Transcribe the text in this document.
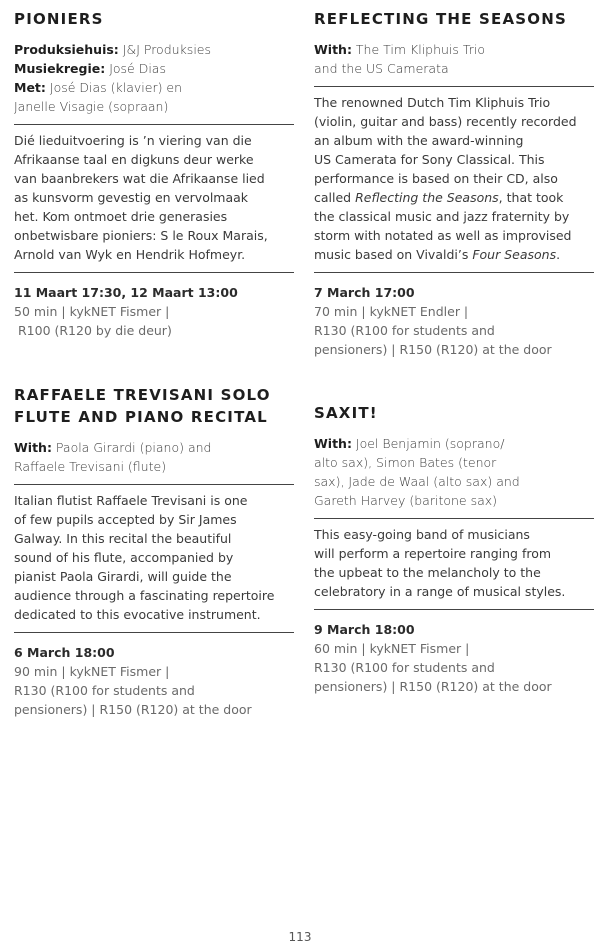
PIONIERS
Produksiehuis: J&J Produksies
Musiekregie: José Dias
Met: José Dias (klavier) en
Janelle Visagie (sopraan)
Dié lieduitvoering is ’n viering van die
Afrikaanse taal en digkuns deur werke
van baanbrekers wat die Afrikaanse lied
as kunsvorm gevestig en vervolmaak
het. Kom ontmoet drie generasies
onbetwisbare pioniers: S le Roux Marais,
Arnold van Wyk en Hendrik Hofmeyr.
11 Maart 17:30, 12 Maart 13:00
50 min | kykNET Fismer |
R100 (R120 by die deur)
RAFFAELE TREVISANI SOLO
FLUTE AND PIANO RECITAL
With: Paola Girardi (piano) and
Raffaele Trevisani (flute)
Italian flutist Raffaele Trevisani is one
of few pupils accepted by Sir James
Galway. In this recital the beautiful
sound of his flute, accompanied by
pianist Paola Girardi, will guide the
audience through a fascinating repertoire
dedicated to this evocative instrument.
6 March 18:00
90 min | kykNET Fismer |
R130 (R100 for students and
pensioners) | R150 (R120) at the door
REFLECTING THE SEASONS
With: The Tim Kliphuis Trio
and the US Camerata
The renowned Dutch Tim Kliphuis Trio
(violin, guitar and bass) recently recorded
an album with the award-winning
US Camerata for Sony Classical. This
performance is based on their CD, also
called Reflecting the Seasons, that took
the classical music and jazz fraternity by
storm with notated as well as improvised
music based on Vivaldi’s Four Seasons.
7 March 17:00
70 min | kykNET Endler |
R130 (R100 for students and
pensioners) | R150 (R120) at the door
SAXIT!
With: Joel Benjamin (soprano/
alto sax), Simon Bates (tenor
sax), Jade de Waal (alto sax) and
Gareth Harvey (baritone sax)
This easy-going band of musicians
will perform a repertoire ranging from
the upbeat to the melancholy to the
celebratory in a range of musical styles.
9 March 18:00
60 min | kykNET Fismer |
R130 (R100 for students and
pensioners) | R150 (R120) at the door
113
